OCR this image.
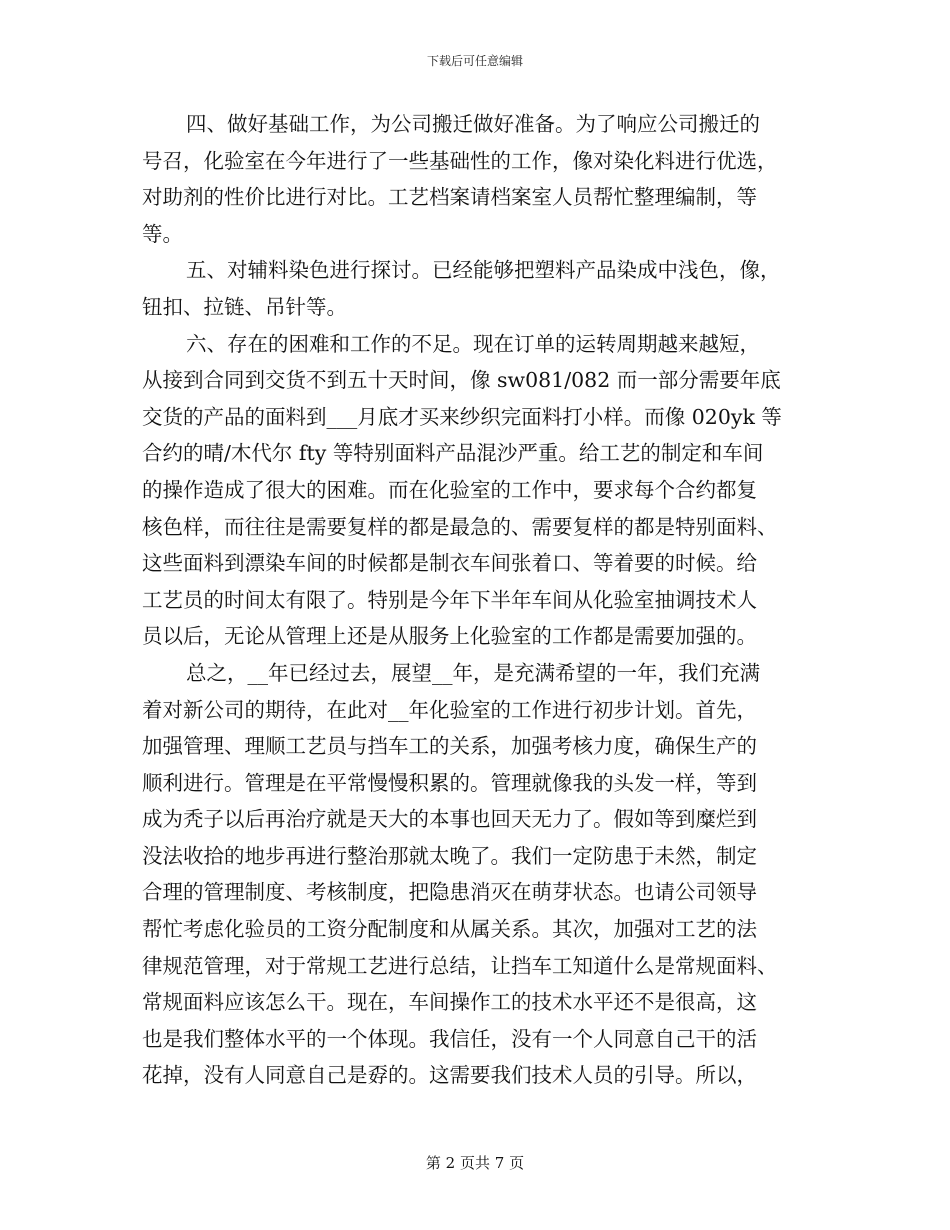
下载后可任意编辑
四、做好基础工作，为公司搬迁做好准备。为了响应公司搬迁的
号召，化验室在今年进行了一些基础性的工作，像对染化料进行优选，
对助剂的性价比进行对比。工艺档案请档案室人员帮忙整理编制，等
等。
五、对辅料染色进行探讨。已经能够把塑料产品染成中浅色，像，
钮扣、拉链、吊针等。
六、存在的困难和工作的不足。现在订单的运转周期越来越短，
从接到合同到交货不到五十天时间，像 sw081/082 而一部分需要年底
交货的产品的面料到___月底才买来纱织完面料打小样。而像 020yk 等
合约的晴/木代尔 fty 等特别面料产品混沙严重。给工艺的制定和车间
的操作造成了很大的困难。而在化验室的工作中，要求每个合约都复
核色样，而往往是需要复样的都是最急的、需要复样的都是特别面料、
这些面料到漂染车间的时候都是制衣车间张着口、等着要的时候。给
工艺员的时间太有限了。特别是今年下半年车间从化验室抽调技术人
员以后，无论从管理上还是从服务上化验室的工作都是需要加强的。
总之，__年已经过去，展望__年，是充满希望的一年，我们充满
着对新公司的期待，在此对__年化验室的工作进行初步计划。首先，
加强管理、理顺工艺员与挡车工的关系，加强考核力度，确保生产的
顺利进行。管理是在平常慢慢积累的。管理就像我的头发一样，等到
成为秃子以后再治疗就是天大的本事也回天无力了。假如等到糜烂到
没法收拾的地步再进行整治那就太晚了。我们一定防患于未然，制定
合理的管理制度、考核制度，把隐患消灭在萌芽状态。也请公司领导
帮忙考虑化验员的工资分配制度和从属关系。其次，加强对工艺的法
律规范管理，对于常规工艺进行总结，让挡车工知道什么是常规面料、
常规面料应该怎么干。现在，车间操作工的技术水平还不是很高，这
也是我们整体水平的一个体现。我信任，没有一个人同意自己干的活
花掉，没有人同意自己是孬的。这需要我们技术人员的引导。所以，
第 2 页共 7 页
